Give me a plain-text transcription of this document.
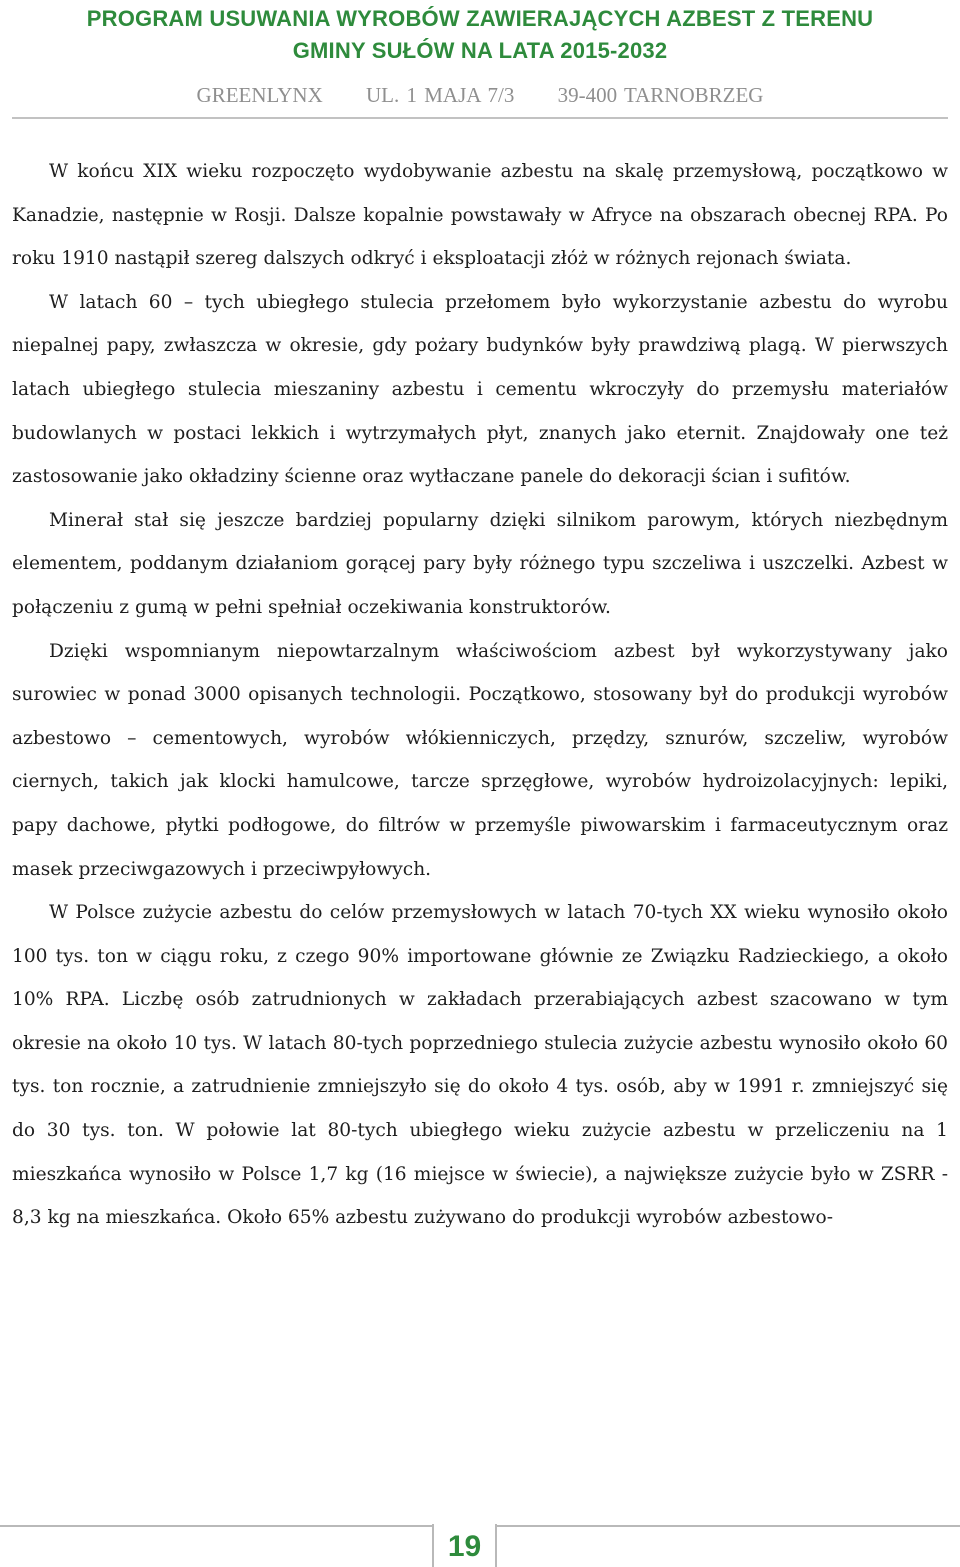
PROGRAM USUWANIA WYROBÓW ZAWIERAJĄCYCH AZBEST Z TERENU
GMINY SUŁÓW NA LATA 2015-2032
GREENLYNX UL. 1 MAJA 7/3 39-400 TARNOBRZEG

W końcu XIX wieku rozpoczęto wydobywanie azbestu na skalę przemysłową, początkowo w Kanadzie, następnie w Rosji. Dalsze kopalnie powstawały w Afryce na obszarach obecnej RPA. Po roku 1910 nastąpił szereg dalszych odkryć i eksploatacji złóż w różnych rejonach świata.

W latach 60 – tych ubiegłego stulecia przełomem było wykorzystanie azbestu do wyrobu niepalnej papy, zwłaszcza w okresie, gdy pożary budynków były prawdziwą plagą. W pierwszych latach ubiegłego stulecia mieszaniny azbestu i cementu wkroczyły do przemysłu materiałów budowlanych w postaci lekkich i wytrzymałych płyt, znanych jako eternit. Znajdowały one też zastosowanie jako okładziny ścienne oraz wytłaczane panele do dekoracji ścian i sufitów.

Minerał stał się jeszcze bardziej popularny dzięki silnikom parowym, których niezbędnym elementem, poddanym działaniom gorącej pary były różnego typu szczeliwa i uszczelki. Azbest w połączeniu z gumą w pełni spełniał oczekiwania konstruktorów.

Dzięki wspomnianym niepowtarzalnym właściwościom azbest był wykorzystywany jako surowiec w ponad 3000 opisanych technologii. Początkowo, stosowany był do produkcji wyrobów azbestowo – cementowych, wyrobów włókienniczych, przędzy, sznurów, szczeliw, wyrobów ciernych, takich jak klocki hamulcowe, tarcze sprzęgłowe, wyrobów hydroizolacyjnych: lepiki, papy dachowe, płytki podłogowe, do filtrów w przemyśle piwowarskim i farmaceutycznym oraz masek przeciwgazowych i przeciwpyłowych.

W Polsce zużycie azbestu do celów przemysłowych w latach 70-tych XX wieku wynosiło około 100 tys. ton w ciągu roku, z czego 90% importowane głównie ze Związku Radzieckiego, a około 10% RPA. Liczbę osób zatrudnionych w zakładach przerabiających azbest szacowano w tym okresie na około 10 tys. W latach 80-tych poprzedniego stulecia zużycie azbestu wynosiło około 60 tys. ton rocznie, a zatrudnienie zmniejszyło się do około 4 tys. osób, aby w 1991 r. zmniejszyć się do 30 tys. ton. W połowie lat 80-tych ubiegłego wieku zużycie azbestu w przeliczeniu na 1 mieszkańca wynosiło w Polsce 1,7 kg (16 miejsce w świecie), a największe zużycie było w ZSRR - 8,3 kg na mieszkańca. Około 65% azbestu zużywano do produkcji wyrobów azbestowo-

19
